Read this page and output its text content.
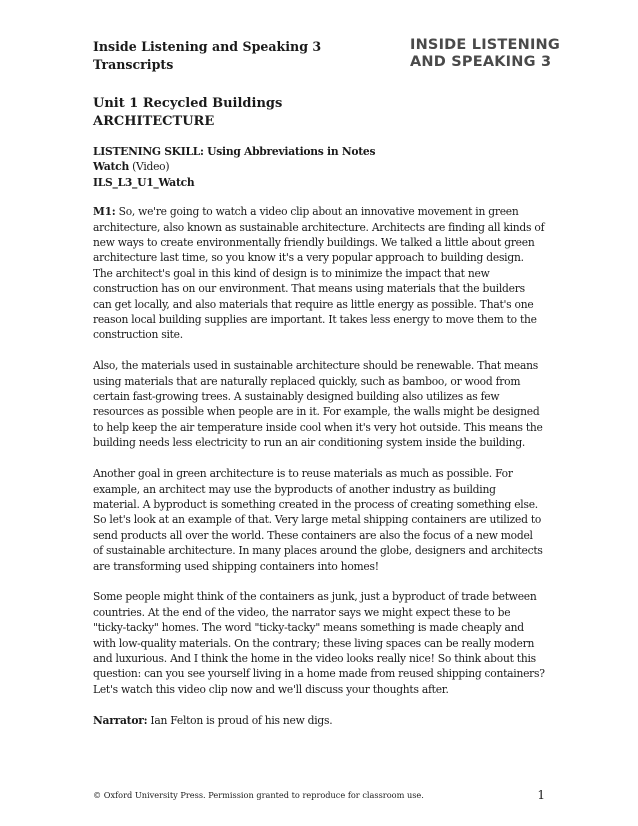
Inside Listening and Speaking 3
Transcripts
INSIDE LISTENING
AND SPEAKING 3
Unit 1 Recycled Buildings
ARCHITECTURE

LISTENING SKILL: Using Abbreviations in Notes

Watch (Video)

ILS_L3_U1_Watch

M1: So, we're going to watch a video clip about an innovative movement in green architecture, also known as sustainable architecture. Architects are finding all kinds of new ways to create environmentally friendly buildings. We talked a little about green architecture last time, so you know it's a very popular approach to building design. The architect's goal in this kind of design is to minimize the impact that new construction has on our environment. That means using materials that the builders can get locally, and also materials that require as little energy as possible. That's one reason local building supplies are important. It takes less energy to move them to the construction site.

Also, the materials used in sustainable architecture should be renewable. That means using materials that are naturally replaced quickly, such as bamboo, or wood from certain fast-growing trees. A sustainably designed building also utilizes as few resources as possible when people are in it. For example, the walls might be designed to help keep the air temperature inside cool when it's very hot outside. This means the building needs less electricity to run an air conditioning system inside the building.

Another goal in green architecture is to reuse materials as much as possible. For example, an architect may use the byproducts of another industry as building material. A byproduct is something created in the process of creating something else. So let's look at an example of that. Very large metal shipping containers are utilized to send products all over the world. These containers are also the focus of a new model of sustainable architecture. In many places around the globe, designers and architects are transforming used shipping containers into homes!

Some people might think of the containers as junk, just a byproduct of trade between countries. At the end of the video, the narrator says we might expect these to be "ticky-tacky" homes. The word "ticky-tacky" means something is made cheaply and with low-quality materials. On the contrary; these living spaces can be really modern and luxurious. And I think the home in the video looks really nice! So think about this question: can you see yourself living in a home made from reused shipping containers? Let's watch this video clip now and we'll discuss your thoughts after.

Narrator: Ian Felton is proud of his new digs.

© Oxford University Press. Permission granted to reproduce for classroom use.	1
